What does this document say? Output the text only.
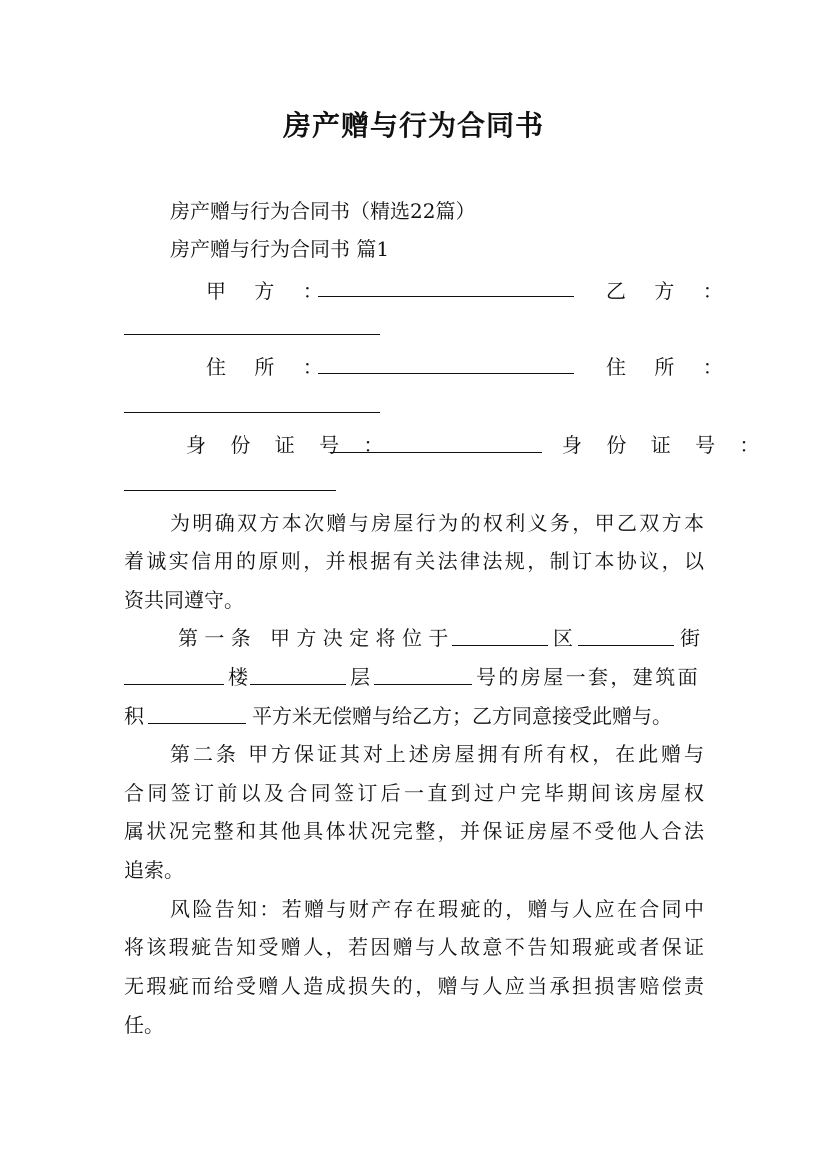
房产赠与行为合同书
房产赠与行为合同书（精选22篇）
房产赠与行为合同书 篇1
甲 方 ：	乙 方 ：
住 所 ：	住 所 ：
身 份 证 号 ：	身 份 证 号 ：
为明确双方本次赠与房屋行为的权利义务，甲乙双方本
着诚实信用的原则，并根据有关法律法规，制订本协议，以
资共同遵守。
第一条 甲方决定将位于	区	街
楼	层	号的房屋一套，建筑面
积	平方米无偿赠与给乙方；乙方同意接受此赠与。
第二条 甲方保证其对上述房屋拥有所有权，在此赠与
合同签订前以及合同签订后一直到过户完毕期间该房屋权
属状况完整和其他具体状况完整，并保证房屋不受他人合法
追索。
风险告知：若赠与财产存在瑕疵的，赠与人应在合同中
将该瑕疵告知受赠人，若因赠与人故意不告知瑕疵或者保证
无瑕疵而给受赠人造成损失的，赠与人应当承担损害赔偿责
任。
